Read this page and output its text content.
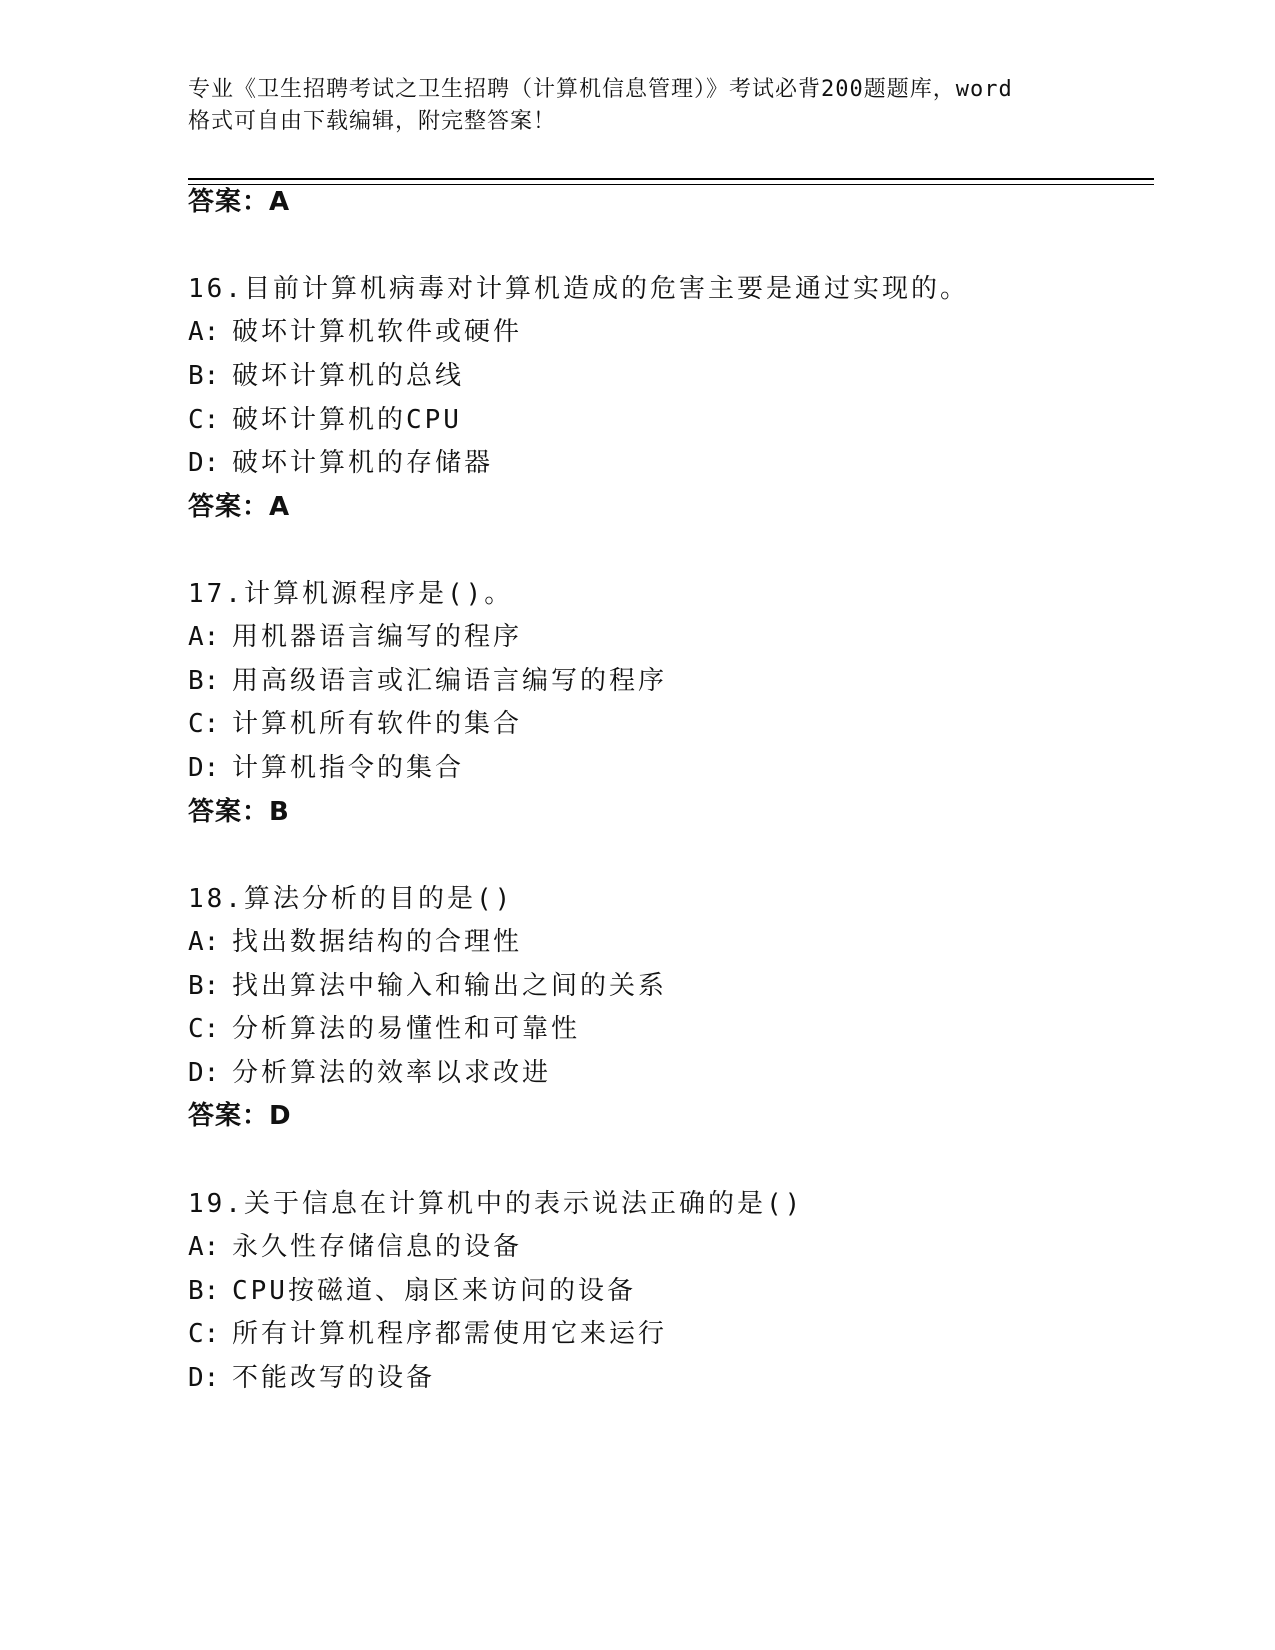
专业《卫生招聘考试之卫生招聘（计算机信息管理）》考试必背200题题库，word
格式可自由下载编辑，附完整答案！
答案：A
16.目前计算机病毒对计算机造成的危害主要是通过实现的。
A: 破坏计算机软件或硬件
B: 破坏计算机的总线
C: 破坏计算机的CPU
D: 破坏计算机的存储器
答案：A
17.计算机源程序是()。
A: 用机器语言编写的程序
B: 用高级语言或汇编语言编写的程序
C: 计算机所有软件的集合
D: 计算机指令的集合
答案：B
18.算法分析的目的是()
A: 找出数据结构的合理性
B: 找出算法中输入和输出之间的关系
C: 分析算法的易懂性和可靠性
D: 分析算法的效率以求改进
答案：D
19.关于信息在计算机中的表示说法正确的是()
A: 永久性存储信息的设备
B: CPU按磁道、扇区来访问的设备
C: 所有计算机程序都需使用它来运行
D: 不能改写的设备
